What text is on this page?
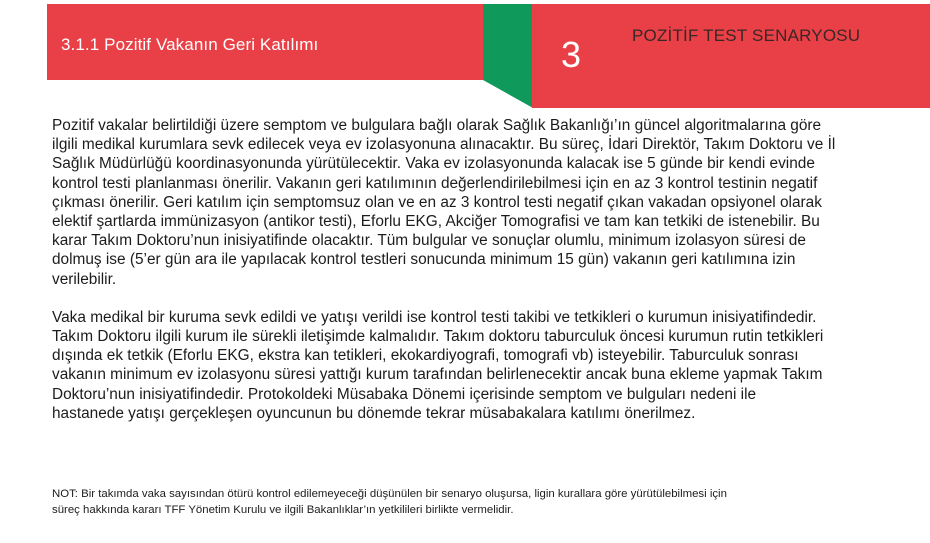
3.1.1 Pozitif Vakanın Geri Katılımı	3	POZİTİF TEST SENARYOSU

Pozitif vakalar belirtildiği üzere semptom ve bulgulara bağlı olarak Sağlık Bakanlığı’ın güncel algoritmalarına göre

ilgili medikal kurumlara sevk edilecek veya ev izolasyonuna alınacaktır. Bu süreç, İdari Direktör, Takım Doktoru ve İl

Sağlık Müdürlüğü koordinasyonunda yürütülecektir. Vaka ev izolasyonunda kalacak ise 5 günde bir kendi evinde

kontrol testi planlanması önerilir. Vakanın geri katılımının değerlendirilebilmesi için en az 3 kontrol testinin negatif

çıkması önerilir. Geri katılım için semptomsuz olan ve en az 3 kontrol testi negatif çıkan vakadan opsiyonel olarak

elektif şartlarda immünizasyon (antikor testi), Eforlu EKG, Akciğer Tomografisi ve tam kan tetkiki de istenebilir. Bu

karar Takım Doktoru’nun inisiyatifinde olacaktır. Tüm bulgular ve sonuçlar olumlu, minimum izolasyon süresi de

dolmuş ise (5’er gün ara ile yapılacak kontrol testleri sonucunda minimum 15 gün) vakanın geri katılımına izin

verilebilir.

Vaka medikal bir kuruma sevk edildi ve yatışı verildi ise kontrol testi takibi ve tetkikleri o kurumun inisiyatifindedir.

Takım Doktoru ilgili kurum ile sürekli iletişimde kalmalıdır. Takım doktoru taburculuk öncesi kurumun rutin tetkikleri

dışında ek tetkik (Eforlu EKG, ekstra kan tetikleri, ekokardiyografi, tomografi vb) isteyebilir. Taburculuk sonrası

vakanın minimum ev izolasyonu süresi yattığı kurum tarafından belirlenecektir ancak buna ekleme yapmak Takım

Doktoru’nun inisiyatifindedir. Protokoldeki Müsabaka Dönemi içerisinde semptom ve bulguları nedeni ile

hastanede yatışı gerçekleşen oyuncunun bu dönemde tekrar müsabakalara katılımı önerilmez.

NOT: Bir takımda vaka sayısından ötürü kontrol edilemeyeceği düşünülen bir senaryo oluşursa, ligin kurallara göre yürütülebilmesi için
süreç hakkında kararı TFF Yönetim Kurulu ve ilgili Bakanlıklar’ın yetkilileri birlikte vermelidir.
